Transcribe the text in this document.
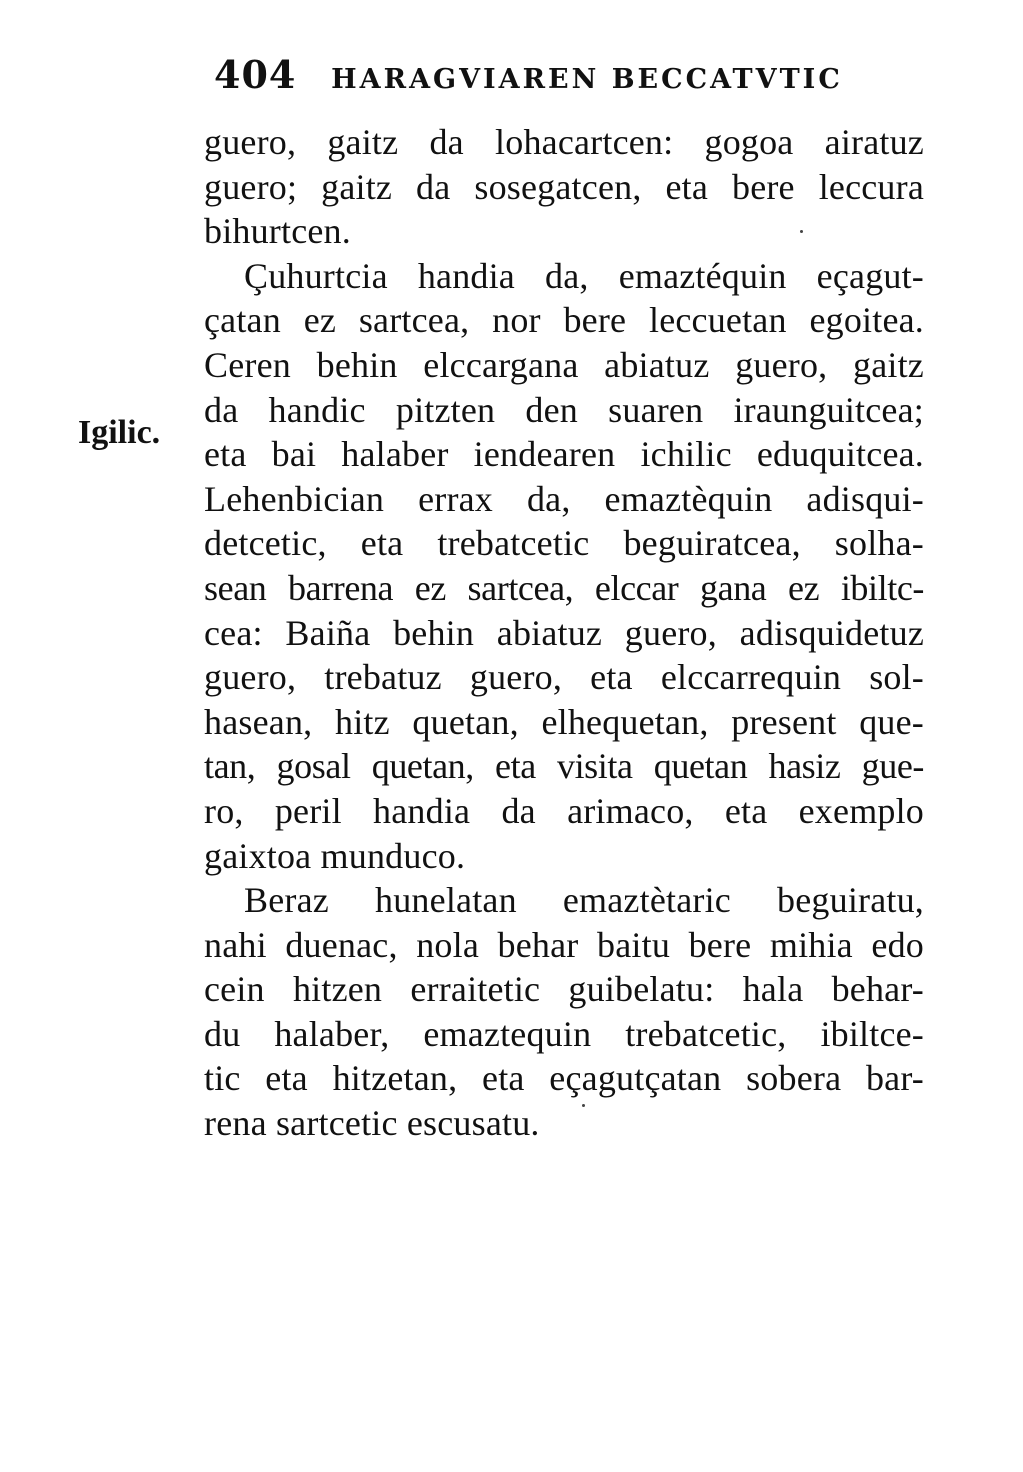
404 HARAGVIAREN BECCATVTIC
Igilic.
guero, gaitz da lohacartcen: gogoa airatuz
guero; gaitz da sosegatcen, eta bere leccura
bihurtcen.
Çuhurtcia handia da, emaztéquin eçagut-
çatan ez sartcea, nor bere leccuetan egoitea.
Ceren behin elccargana abiatuz guero, gaitz
da handic pitzten den suaren iraunguitcea;
eta bai halaber iendearen ichilic eduquitcea.
Lehenbician errax da, emaztèquin adisqui-
detcetic, eta trebatcetic beguiratcea, solha-
sean barrena ez sartcea, elccar gana ez ibiltc-
cea: Baiña behin abiatuz guero, adisquidetuz
guero, trebatuz guero, eta elccarrequin sol-
hasean, hitz quetan, elhequetan, present que-
tan, gosal quetan, eta visita quetan hasiz gue-
ro, peril handia da arimaco, eta exemplo
gaixtoa munduco.
Beraz hunelatan emaztètaric beguiratu,
nahi duenac, nola behar baitu bere mihia edo
cein hitzen erraitetic guibelatu: hala behar-
du halaber, emaztequin trebatcetic, ibiltce-
tic eta hitzetan, eta eçagutçatan sobera bar-
rena sartcetic escusatu.
